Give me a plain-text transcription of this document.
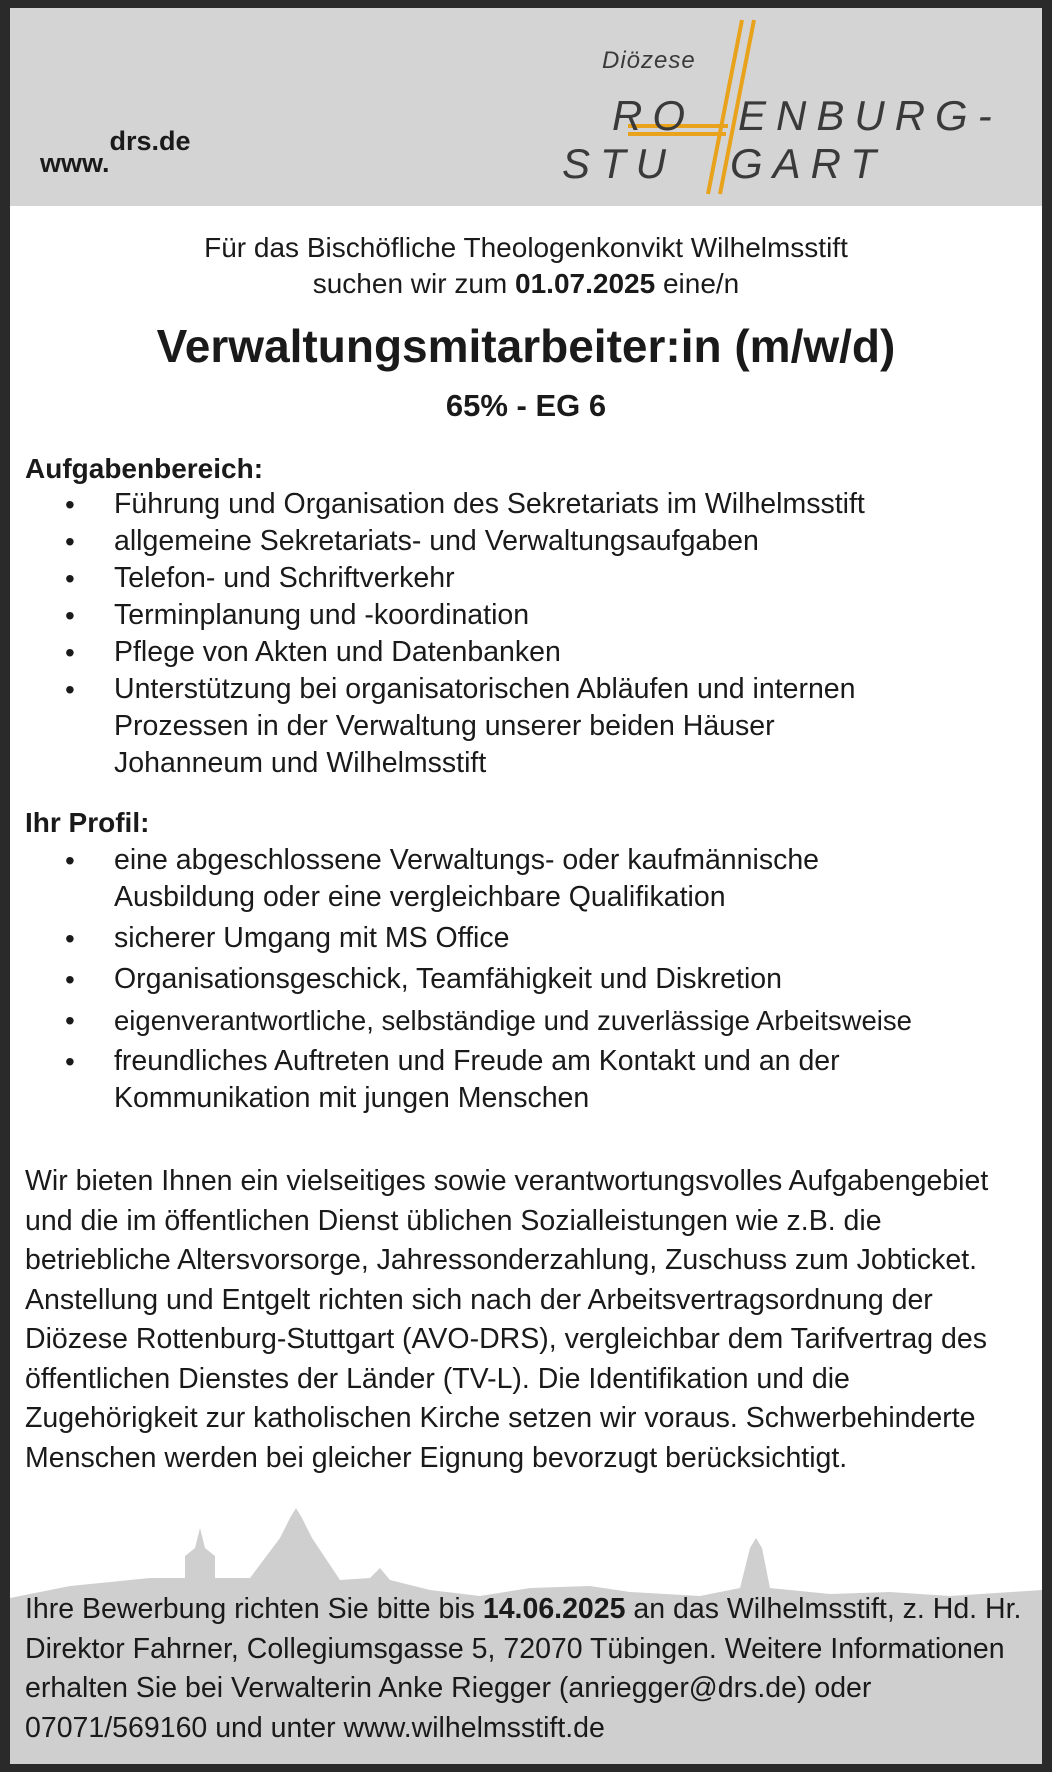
www.drs.de
Diözese
RO ENBURG-
STU GART
Für das Bischöfliche Theologenkonvikt Wilhelmsstift
suchen wir zum 01.07.2025 eine/n
Verwaltungsmitarbeiter:in (m/w/d)
65% - EG 6
Aufgabenbereich:
• Führung und Organisation des Sekretariats im Wilhelmsstift
• allgemeine Sekretariats- und Verwaltungsaufgaben
• Telefon- und Schriftverkehr
• Terminplanung und -koordination
• Pflege von Akten und Datenbanken
• Unterstützung bei organisatorischen Abläufen und internen Prozessen in der Verwaltung unserer beiden Häuser Johanneum und Wilhelmsstift
Ihr Profil:
• eine abgeschlossene Verwaltungs- oder kaufmännische Ausbildung oder eine vergleichbare Qualifikation
• sicherer Umgang mit MS Office
• Organisationsgeschick, Teamfähigkeit und Diskretion
• eigenverantwortliche, selbständige und zuverlässige Arbeitsweise
• freundliches Auftreten und Freude am Kontakt und an der Kommunikation mit jungen Menschen
Wir bieten Ihnen ein vielseitiges sowie verantwortungsvolles Aufgabengebiet und die im öffentlichen Dienst üblichen Sozialleistungen wie z.B. die betriebliche Altersvorsorge, Jahressonderzahlung, Zuschuss zum Jobticket. Anstellung und Entgelt richten sich nach der Arbeitsvertragsordnung der Diözese Rottenburg-Stuttgart (AVO-DRS), vergleichbar dem Tarifvertrag des öffentlichen Dienstes der Länder (TV-L). Die Identifikation und die Zugehörigkeit zur katholischen Kirche setzen wir voraus. Schwerbehinderte Menschen werden bei gleicher Eignung bevorzugt berücksichtigt.
Ihre Bewerbung richten Sie bitte bis 14.06.2025 an das Wilhelmsstift, z. Hd. Hr. Direktor Fahrner, Collegiumsgasse 5, 72070 Tübingen. Weitere Informationen erhalten Sie bei Verwalterin Anke Riegger (anriegger@drs.de) oder 07071/569160 und unter www.wilhelmsstift.de
